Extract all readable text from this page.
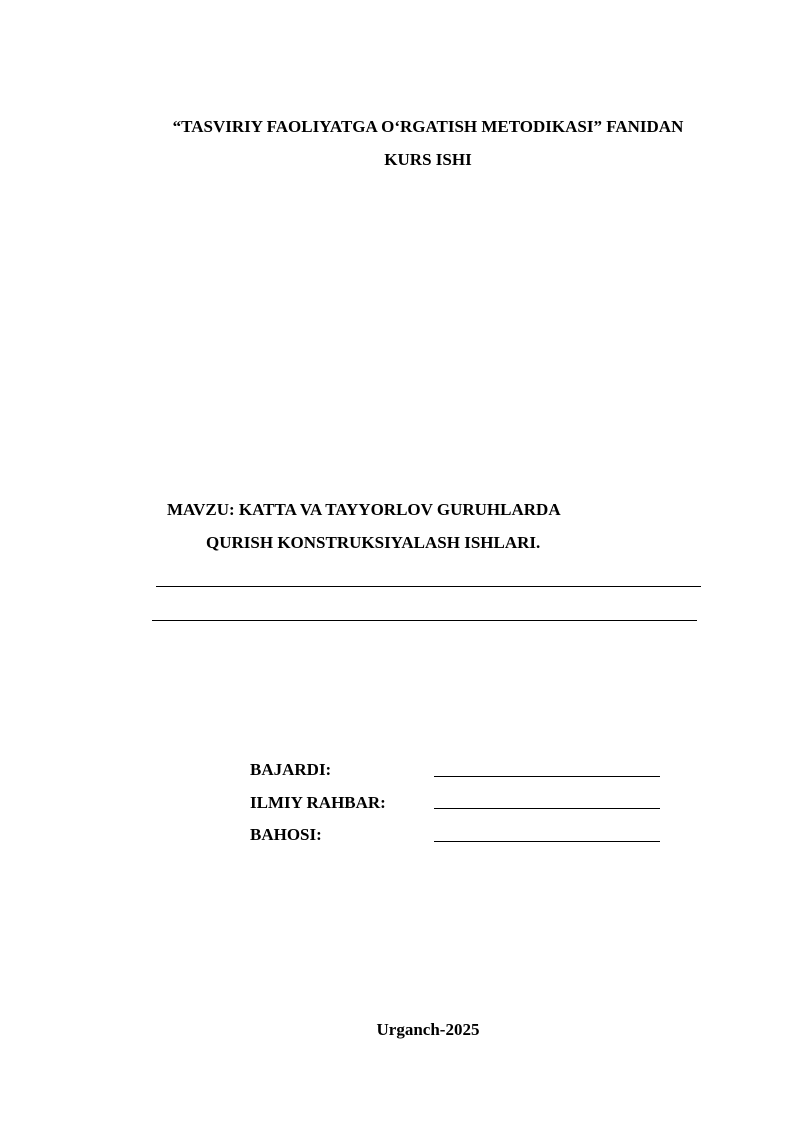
“TASVIRIY FAOLIYATGA O‘RGATISH METODIKASI” FANIDAN
KURS ISHI
MAVZU: KATTA VA TAYYORLOV GURUHLARDA
QURISH KONSTRUKSIYALASH ISHLARI.
BAJARDI:
ILMIY RAHBAR:
BAHOSI:
Urganch-2025
